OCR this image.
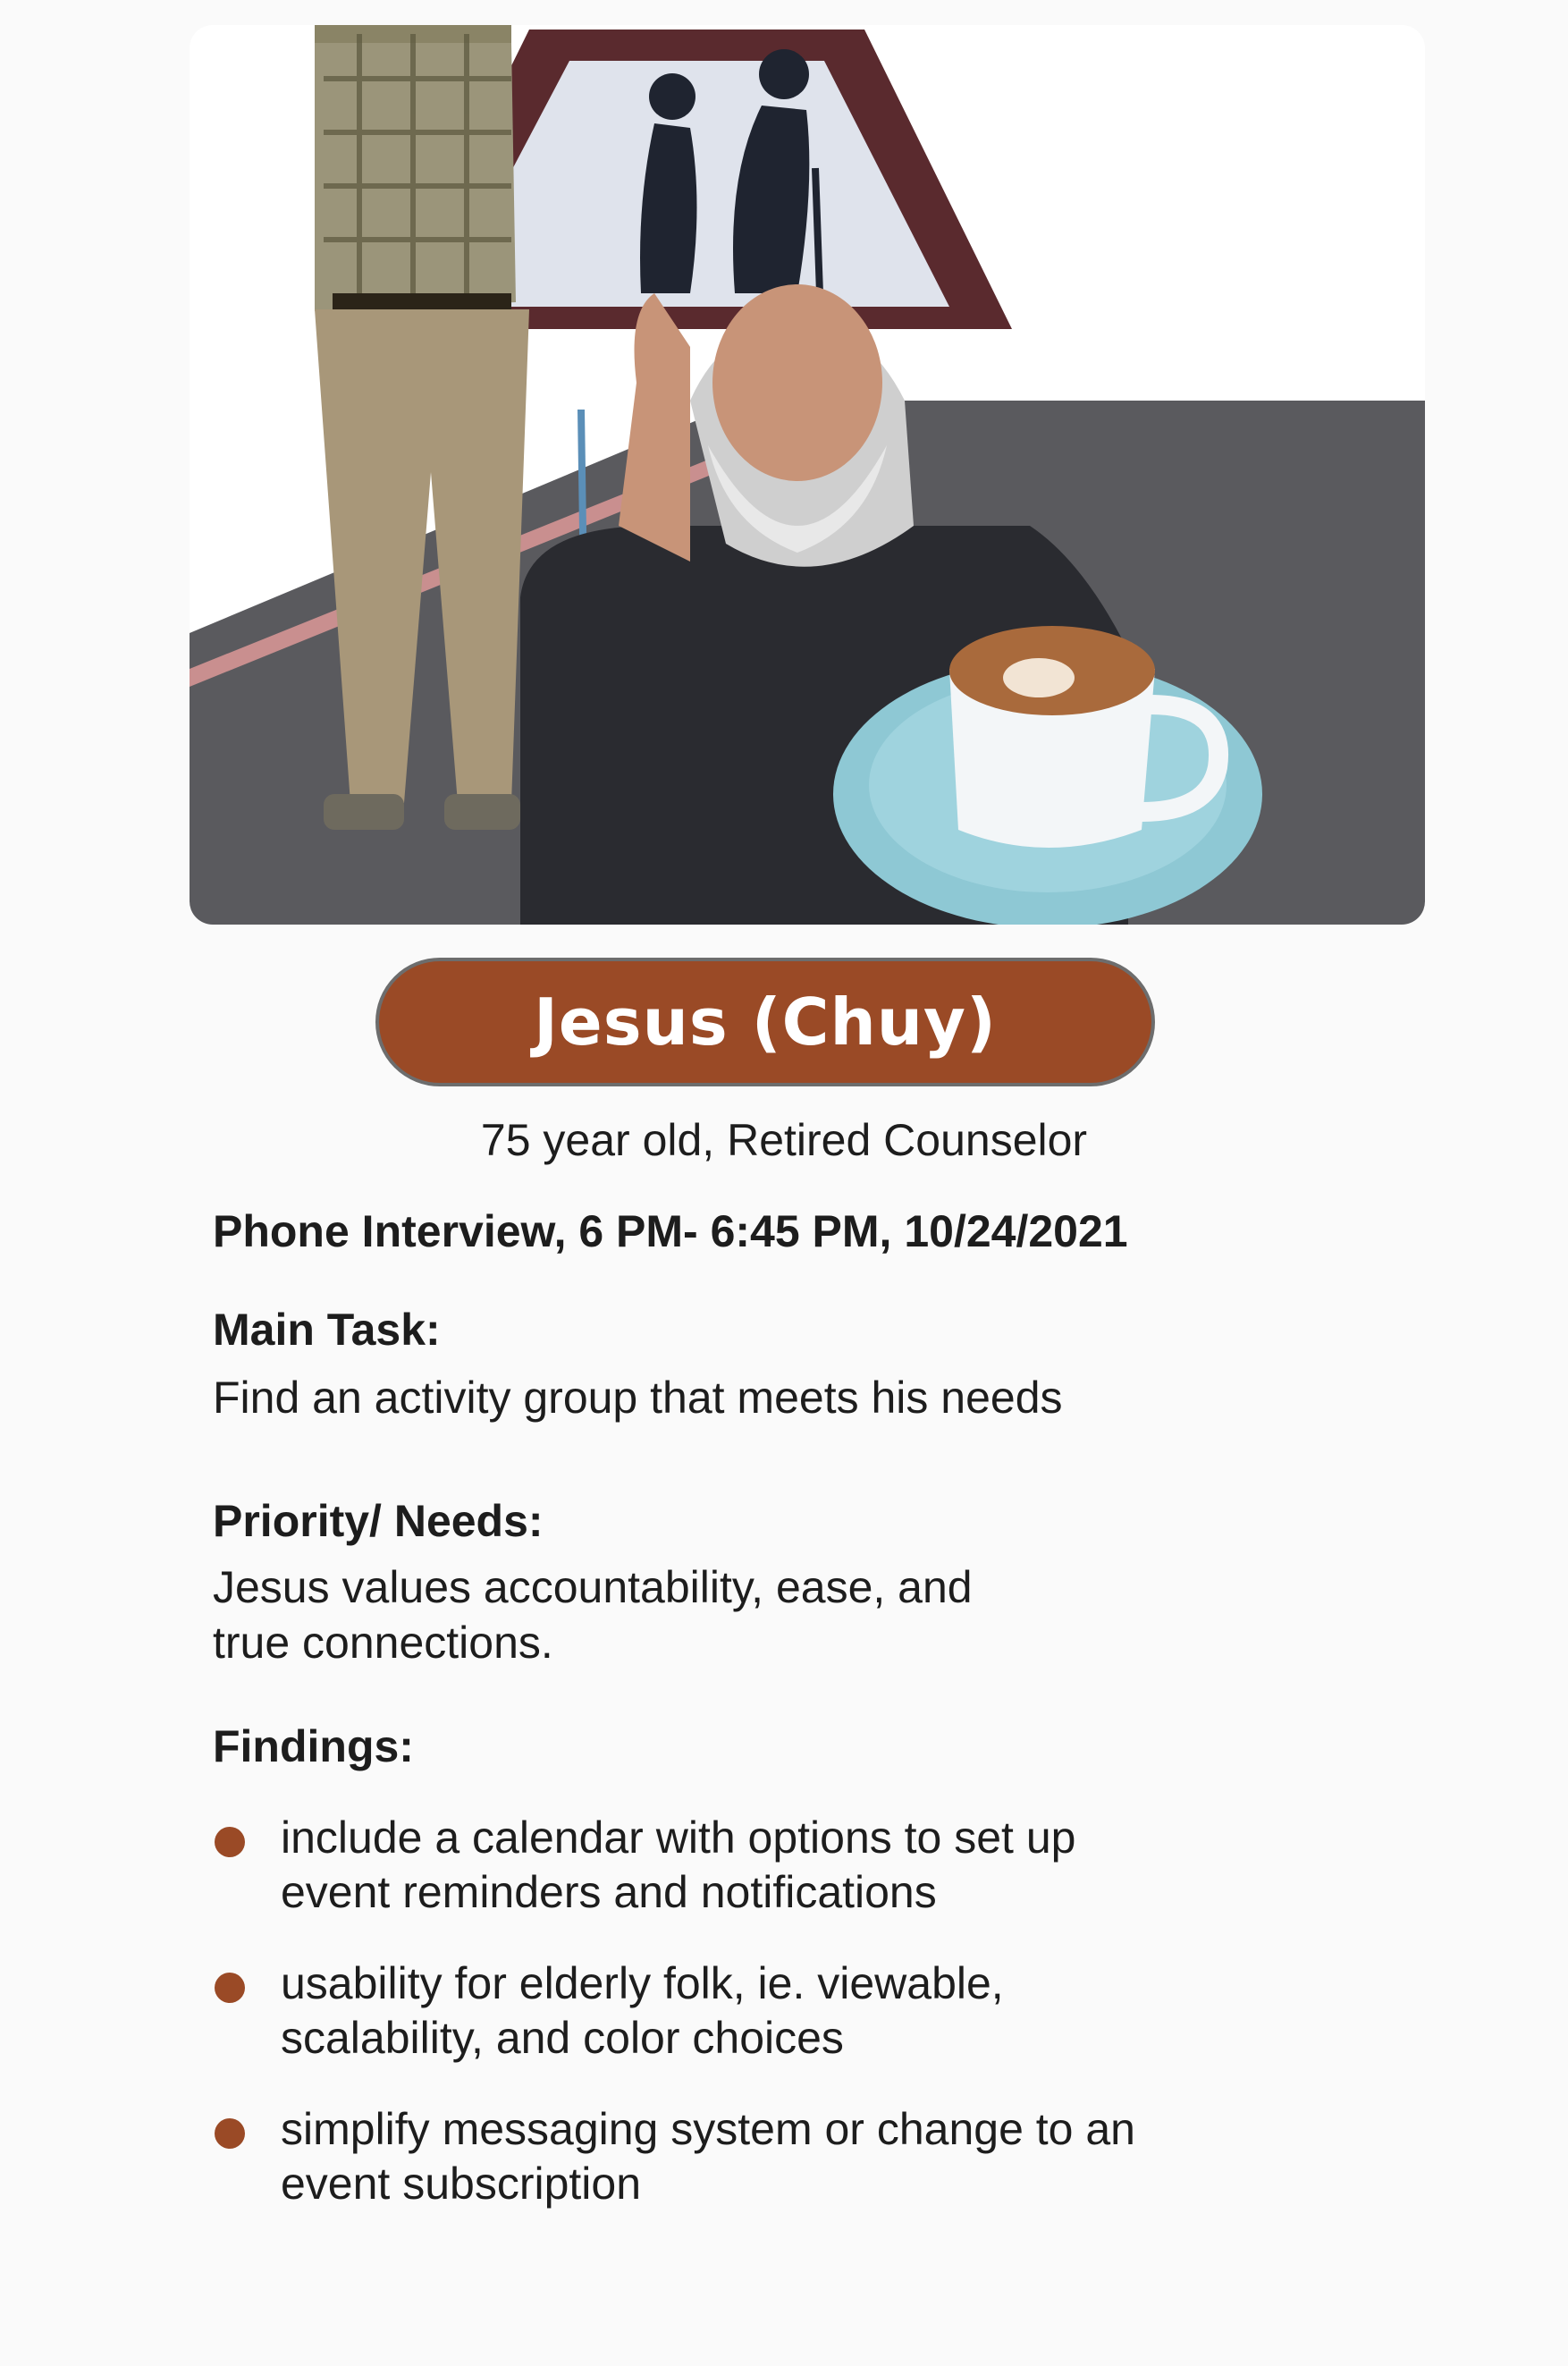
Jesus (Chuy)
75 year old, Retired Counselor
Phone Interview, 6 PM- 6:45 PM, 10/24/2021
Main Task:
Find an activity group that meets his needs
Priority/ Needs:
Jesus values accountability, ease, and
true connections.
Findings:
include a calendar with options to set up
event reminders and notifications
usability for elderly folk, ie. viewable,
scalability, and color choices
simplify messaging system or change to an
event subscription
